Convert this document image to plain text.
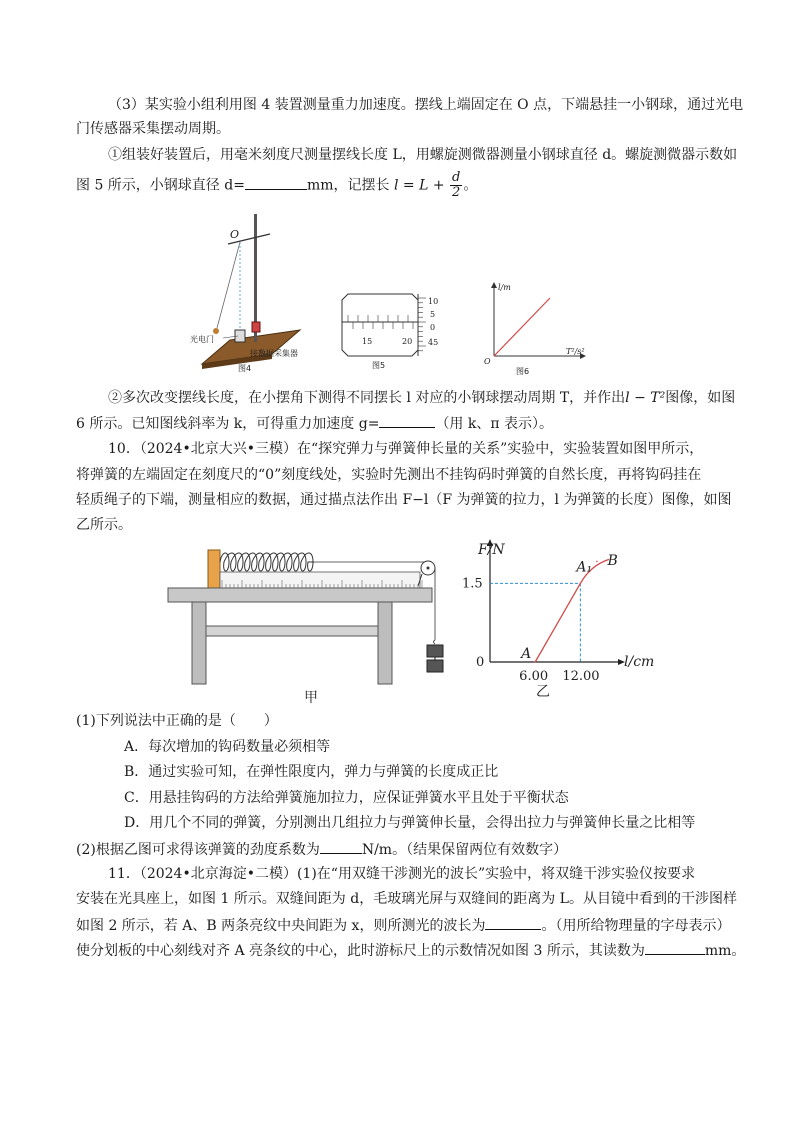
（3）某实验小组利用图 4 装置测量重力加速度。摆线上端固定在 O 点，下端悬挂一小钢球，通过光电
门传感器采集摆动周期。
①组装好装置后，用毫米刻度尺测量摆线长度 L，用螺旋测微器测量小钢球直径 d。螺旋测微器示数如
图 5 所示，小钢球直径 d=	mm，记摆长 $l = L + \frac{d}{2}$ 。
O
光电门
接数据采集器
图4
15	20
10
5
0
45
图5
l/m
T²/s²
O
图6
②多次改变摆线长度，在小摆角下测得不同摆长 l 对应的小钢球摆动周期 T，并作出l − T²图像，如图
6 所示。已知图线斜率为 k，可得重力加速度 g=	（用 k、π 表示）。
10．（2024•北京大兴•三模）在“探究弹力与弹簧伸长量的关系”实验中，实验装置如图甲所示，
将弹簧的左端固定在刻度尺的“0”刻度线处，实验时先测出不挂钩码时弹簧的自然长度，再将钩码挂在
轻质绳子的下端，测量相应的数据，通过描点法作出 F−l（F 为弹簧的拉力，l 为弹簧的长度）图像，如图
乙所示。
甲
F/N
l/cm
6.00 12.00
0
1.5
A
A₁ B
乙
(1)下列说法中正确的是（　　）
A．每次增加的钩码数量必须相等
B．通过实验可知，在弹性限度内，弹力与弹簧的长度成正比
C．用悬挂钩码的方法给弹簧施加拉力，应保证弹簧水平且处于平衡状态
D．用几个不同的弹簧，分别测出几组拉力与弹簧伸长量，会得出拉力与弹簧伸长量之比相等
(2)根据乙图可求得该弹簧的劲度系数为	N/m。（结果保留两位有效数字）
11．（2024•北京海淀•二模）(1)在“用双缝干涉测光的波长”实验中，将双缝干涉实验仪按要求
安装在光具座上，如图 1 所示。双缝间距为 d，毛玻璃光屏与双缝间的距离为 L。从目镜中看到的干涉图样
如图 2 所示，若 A、B 两条亮纹中央间距为 x，则所测光的波长为	。（用所给物理量的字母表示）
使分划板的中心刻线对齐 A 亮条纹的中心，此时游标尺上的示数情况如图 3 所示，其读数为	mm。
